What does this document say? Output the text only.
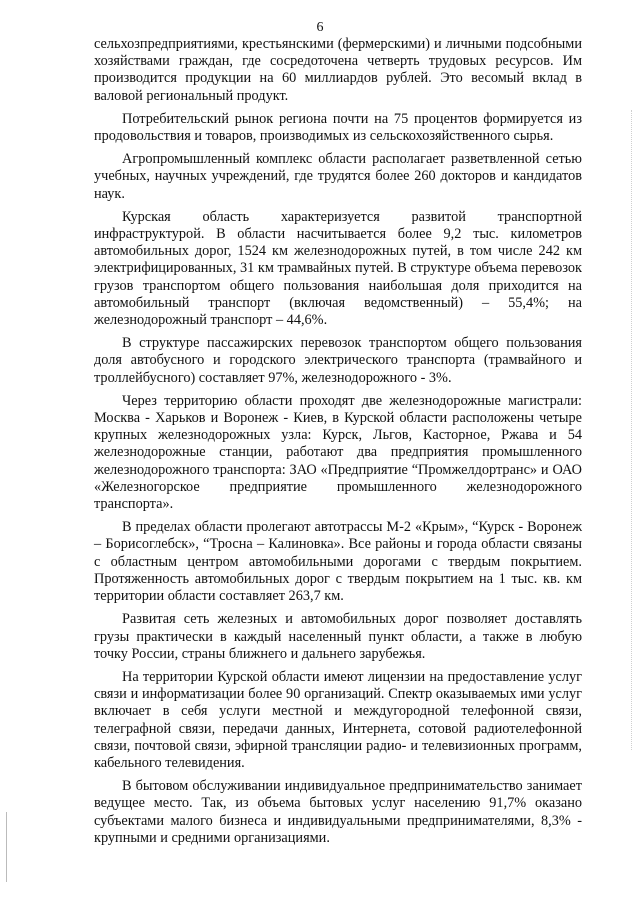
6

сельхозпредприятиями, крестьянскими (фермерскими) и личными подсобными хозяйствами граждан, где сосредоточена четверть трудовых ресурсов. Им производится продукции на 60 миллиардов рублей. Это весомый вклад в валовой региональный продукт.

Потребительский рынок региона почти на 75 процентов формируется из продовольствия и товаров, производимых из сельскохозяйственного сырья.

Агропромышленный комплекс области располагает разветвленной сетью учебных, научных учреждений, где трудятся более 260 докторов и кандидатов наук.

Курская область характеризуется развитой транспортной инфраструктурой. В области насчитывается более 9,2 тыс. километров автомобильных дорог, 1524 км железнодорожных путей, в том числе 242 км электрифицированных, 31 км трамвайных путей. В структуре объема перевозок грузов транспортом общего пользования наибольшая доля приходится на автомобильный транспорт (включая ведомственный) – 55,4%; на железнодорожный транспорт – 44,6%.

В структуре пассажирских перевозок транспортом общего пользования доля автобусного и городского электрического транспорта (трамвайного и троллейбусного) составляет 97%, железнодорожного - 3%.

Через территорию области проходят две железнодорожные магистрали: Москва - Харьков и Воронеж - Киев, в Курской области расположены четыре крупных железнодорожных узла: Курск, Льгов, Касторное, Ржава и 54 железнодорожные станции, работают два предприятия промышленного железнодорожного транспорта: ЗАО «Предприятие “Промжелдортранс» и ОАО «Железногорское предприятие промышленного железнодорожного транспорта».

В пределах области пролегают автотрассы М-2 «Крым», “Курск - Воронеж – Борисоглебск», “Тросна – Калиновка». Все районы и города области связаны с областным центром автомобильными дорогами с твердым покрытием. Протяженность автомобильных дорог с твердым покрытием на 1 тыс. кв. км территории области составляет 263,7 км.

Развитая сеть железных и автомобильных дорог позволяет доставлять грузы практически в каждый населенный пункт области, а также в любую точку России, страны ближнего и дальнего зарубежья.

На территории Курской области имеют лицензии на предоставление услуг связи и информатизации более 90 организаций. Спектр оказываемых ими услуг включает в себя услуги местной и междугородной телефонной связи, телеграфной связи, передачи данных, Интернета, сотовой радиотелефонной связи, почтовой связи, эфирной трансляции радио- и телевизионных программ, кабельного телевидения.

В бытовом обслуживании индивидуальное предпринимательство занимает ведущее место. Так, из объема бытовых услуг населению 91,7% оказано субъектами малого бизнеса и индивидуальными предпринимателями, 8,3% - крупными и средними организациями.
